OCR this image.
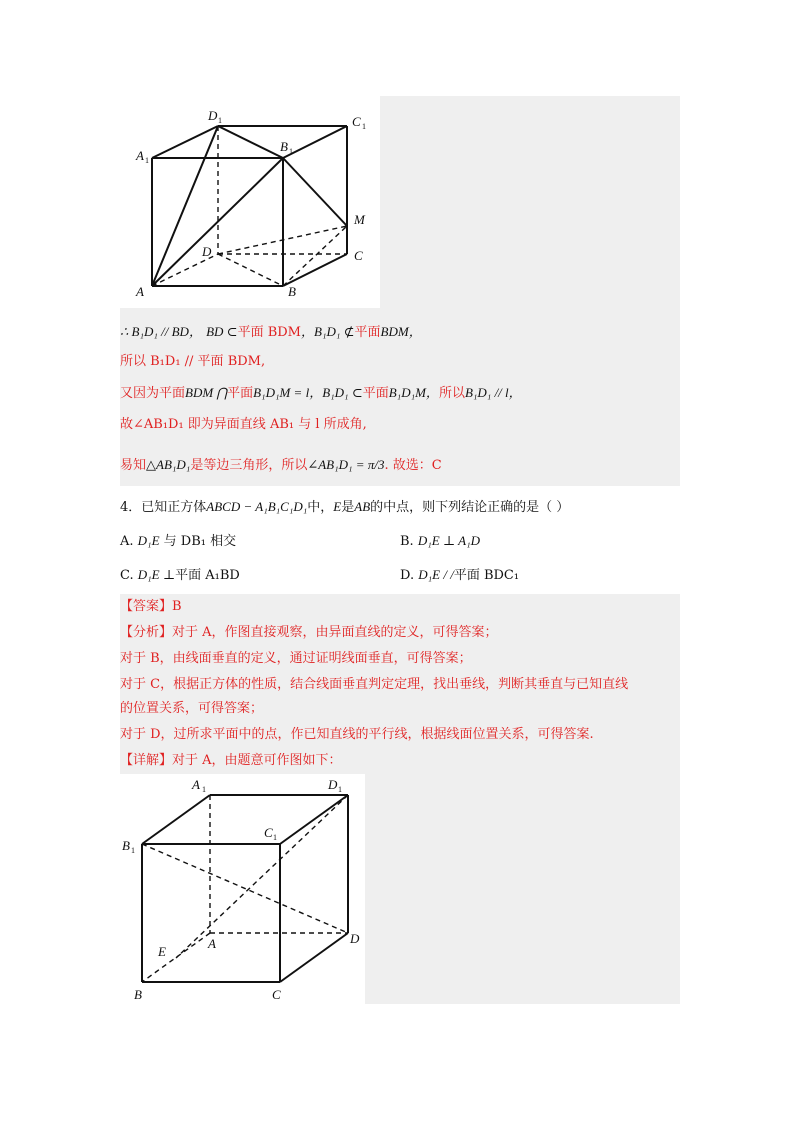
D 1	C 1
A 1
B 1
M
D	C
A	B
∴ B₁D₁ // BD， BD ⊂平面 BDM，B₁D₁ ⊄平面BDM，
所以 B₁D₁ // 平面 BDM,
又因为平面BDM ⋂平面B₁D₁M = l，B₁D₁ ⊂平面B₁D₁M，所以B₁D₁ // l，
故∠AB₁D₁ 即为异面直线 AB₁ 与 l 所成角,
易知△AB₁D₁是等边三角形，所以∠AB₁D₁ = π/3. 故选：C
4．已知正方体ABCD − A₁B₁C₁D₁中，E是AB的中点，则下列结论正确的是（ ）
A. D₁E 与 DB₁ 相交	B. D₁E ⊥ A₁D
C. D₁E ⊥平面 A₁BD	D. D₁E / /平面 BDC₁
【答案】B
【分析】对于 A，作图直接观察，由异面直线的定义，可得答案；
对于 B，由线面垂直的定义，通过证明线面垂直，可得答案；
对于 C，根据正方体的性质，结合线面垂直判定定理，找出垂线，判断其垂直与已知直线
的位置关系，可得答案；
对于 D，过所求平面中的点，作已知直线的平行线，根据线面位置关系，可得答案.
【详解】对于 A，由题意可作图如下：
A 1	D 1
B 1
C 1
A	D
E
B	C
